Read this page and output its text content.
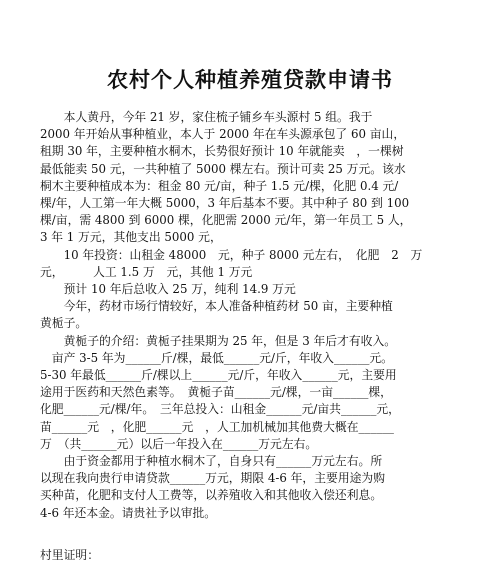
农村个人种植养殖贷款申请书
　　本人黄丹，今年 21 岁，家住梳子铺乡车头源村 5 组。我于
2000 年开始从事种植业，本人于 2000 年在车头源承包了 60 亩山，
租期 30 年，主要种植水桐木，长势很好预计 10 年就能卖　，一棵树
最低能卖 50 元，一共种植了 5000 棵左右。预计可卖 25 万元。该水
桐木主要种植成本为：租金 80 元/亩，种子 1.5 元/棵，化肥 0.4 元/
棵/年，人工第一年大概 5000，3 年后基本不要。其中种子 80 到 100
棵/亩，需 4800 到 6000 棵，化肥需 2000 元/年，第一年员工 5 人，
3 年 1 万元，其他支出 5000 元，
　　10 年投资：山租金 48000　元，种子 8000 元左右，　化肥　2　万
元，　　　人工 1.5 万　元，其他 1 万元
　　预计 10 年后总收入 25 万，纯利 14.9 万元
　　今年，药材市场行情较好，本人准备种植药材 50 亩，主要种植
黄栀子。
　　黄栀子的介绍：黄栀子挂果期为 25 年，但是 3 年后才有收入。
　亩产 3-5 年为______斤/棵，最低______元/斤，年收入______元。
5-30 年最低______斤/棵以上______元/斤，年收入______元，主要用
途用于医药和天然色素等。　黄栀子苗______元/棵，一亩______棵，
化肥______元/棵/年。　三年总投入：山租金______元/亩共______元，
苗______元　，化肥______元　，人工加机械加其他费大概在______
万　（共______元）以后一年投入在______万元左右。
　　由于资金都用于种植水桐木了，自身只有______万元左右。所
以现在我向贵行申请贷款______万元，期限 4-6 年，主要用途为购
买种苗，化肥和支付人工费等，以养殖收入和其他收入偿还利息。
4-6 年还本金。请贵社予以审批。
村里证明：
